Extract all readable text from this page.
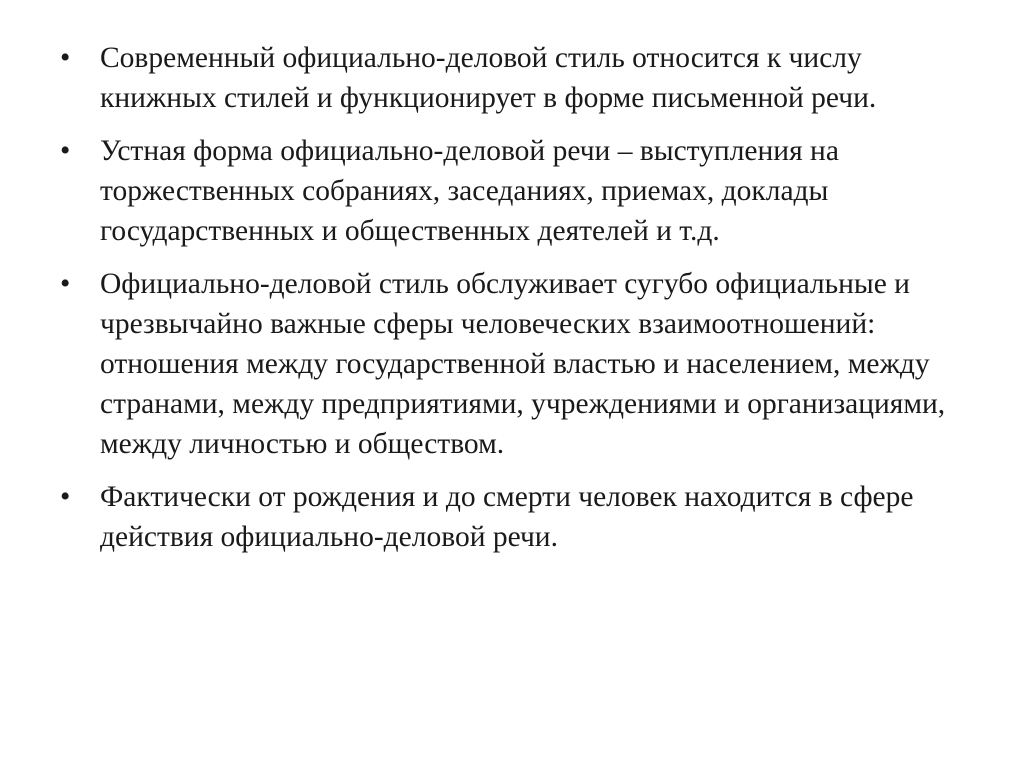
•	Современный официально-деловой стиль относится к числу книжных стилей и функционирует в форме письменной речи.
•	Устная форма официально-деловой речи – выступления на торжественных собраниях, заседаниях, приемах, доклады государственных и общественных деятелей и т.д.
•	Официально-деловой стиль обслуживает сугубо официальные и чрезвычайно важные сферы человеческих взаимоотношений: отношения между государственной властью и населением, между странами, между предприятиями, учреждениями и организациями, между личностью и обществом.
•	Фактически от рождения и до смерти человек находится в сфере действия официально-деловой речи.
